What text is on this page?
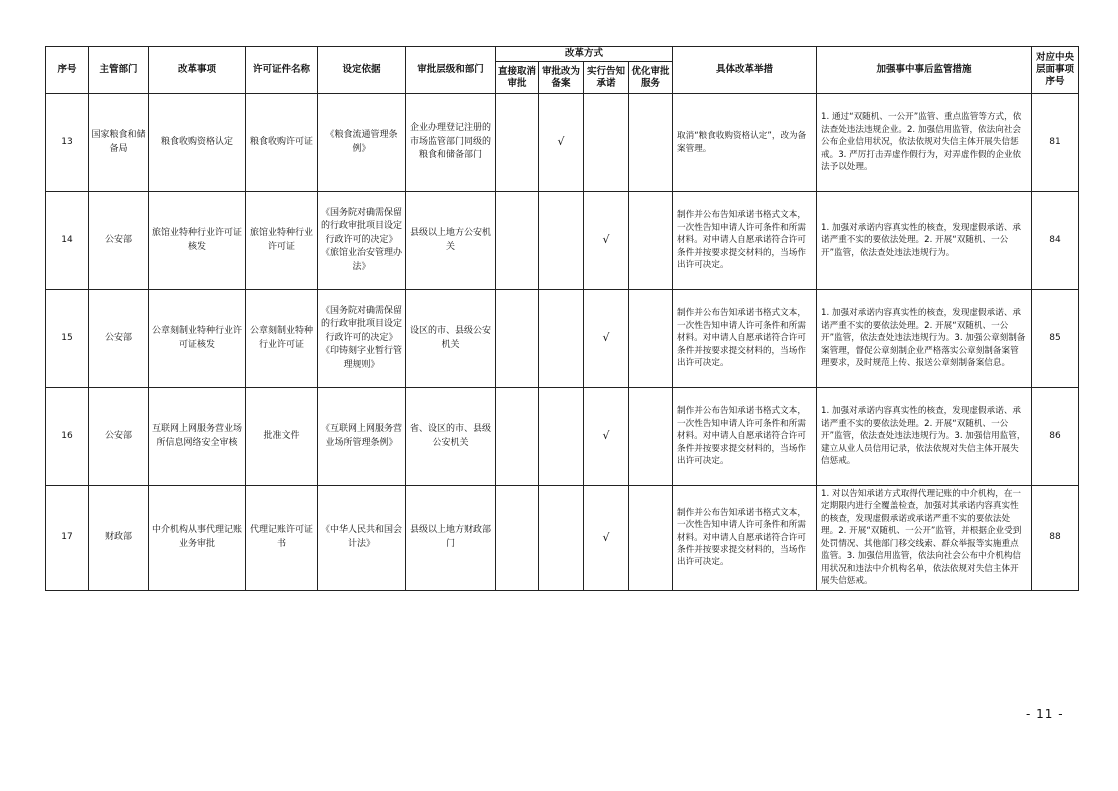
序号	主管部门	改革事项	许可证件名称	设定依据	审批层级和部门	改革方式				具体改革举措	加强事中事后监管措施	对应中央层面事项序号
						直接取消审批	审批改为备案	实行告知承诺	优化审批服务			
13	国家粮食和储备局	粮食收购资格认定	粮食收购许可证	《粮食流通管理条例》	企业办理登记注册的市场监管部门同级的粮食和储备部门		√			取消“粮食收购资格认定”，改为备案管理。	1. 通过“双随机、一公开”监管、重点监管等方式，依法查处违法违规企业。2. 加强信用监管，依法向社会公布企业信用状况，依法依规对失信主体开展失信惩戒。3. 严厉打击弄虚作假行为，对弄虚作假的企业依法予以处理。	81
14	公安部	旅馆业特种行业许可证核发	旅馆业特种行业许可证	《国务院对确需保留的行政审批项目设定行政许可的决定》《旅馆业治安管理办法》	县级以上地方公安机关			√		制作并公布告知承诺书格式文本，一次性告知申请人许可条件和所需材料。对申请人自愿承诺符合许可条件并按要求提交材料的，当场作出许可决定。	1. 加强对承诺内容真实性的核查，发现虚假承诺、承诺严重不实的要依法处理。2. 开展“双随机、一公开”监管，依法查处违法违规行为。	84
15	公安部	公章刻制业特种行业许可证核发	公章刻制业特种行业许可证	《国务院对确需保留的行政审批项目设定行政许可的决定》《印铸刻字业暂行管理规则》	设区的市、县级公安机关			√		制作并公布告知承诺书格式文本，一次性告知申请人许可条件和所需材料。对申请人自愿承诺符合许可条件并按要求提交材料的，当场作出许可决定。	1. 加强对承诺内容真实性的核查，发现虚假承诺、承诺严重不实的要依法处理。2. 开展“双随机、一公开”监管，依法查处违法违规行为。3. 加强公章刻制备案管理，督促公章刻制企业严格落实公章刻制备案管理要求，及时规范上传、报送公章刻制备案信息。	85
16	公安部	互联网上网服务营业场所信息网络安全审核	批准文件	《互联网上网服务营业场所管理条例》	省、设区的市、县级公安机关			√		制作并公布告知承诺书格式文本，一次性告知申请人许可条件和所需材料。对申请人自愿承诺符合许可条件并按要求提交材料的，当场作出许可决定。	1. 加强对承诺内容真实性的核查，发现虚假承诺、承诺严重不实的要依法处理。2. 开展“双随机、一公开”监管，依法查处违法违规行为。3. 加强信用监管，建立从业人员信用记录，依法依规对失信主体开展失信惩戒。	86
17	财政部	中介机构从事代理记账业务审批	代理记账许可证书	《中华人民共和国会计法》	县级以上地方财政部门			√		制作并公布告知承诺书格式文本，一次性告知申请人许可条件和所需材料。对申请人自愿承诺符合许可条件并按要求提交材料的，当场作出许可决定。	1. 对以告知承诺方式取得代理记账的中介机构，在一定期限内进行全覆盖检查，加强对其承诺内容真实性的核查，发现虚假承诺或承诺严重不实的要依法处理。2. 开展“双随机、一公开”监管，并根据企业受到处罚情况、其他部门移交线索、群众举报等实施重点监管。3. 加强信用监管，依法向社会公布中介机构信用状况和违法中介机构名单，依法依规对失信主体开展失信惩戒。	88
- 11 -
